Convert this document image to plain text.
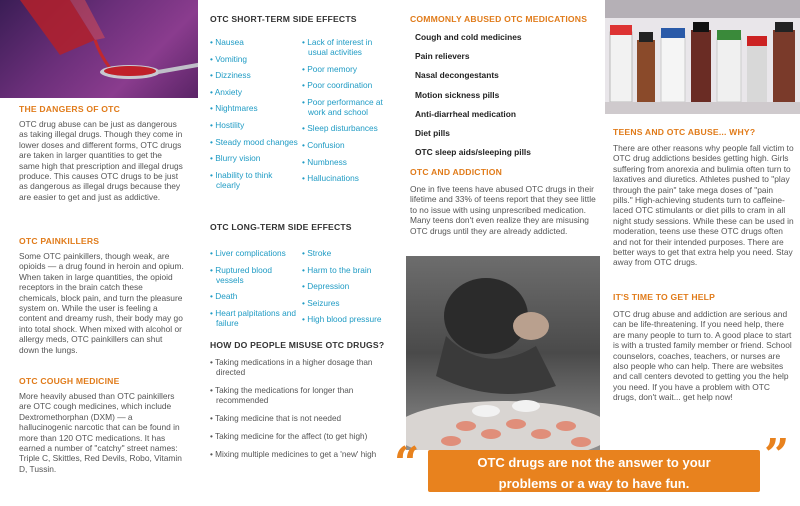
THE DANGERS OF OTC
OTC drug abuse can be just as dangerous as taking illegal drugs. Though they come in lower doses and different forms, OTC drugs are taken in larger quantities to get the same high that prescription and illegal drugs produce. This causes OTC drugs to be just as dangerous as illegal drugs because they are easier to get and just as addictive.
OTC PAINKILLERS
Some OTC painkillers, though weak, are opioids — a drug found in heroin and opium. When taken in large quantities, the opioid receptors in the brain catch these chemicals, block pain, and turn the pleasure system on. While the user is feeling a content and dreamy rush, their body may go into total shock. When mixed with alcohol or allergy meds, OTC painkillers can shut down the lungs.
OTC COUGH MEDICINE
More heavily abused than OTC painkillers are OTC cough medicines, which include Dextromethorphan (DXM) — a hallucinogenic narcotic that can be found in more than 120 OTC medications. It has earned a number of "catchy" street names: Triple C, Skittles, Red Devils, Robo, Vitamin D, Tussin.
OTC SHORT-TERM SIDE EFFECTS
• Nausea
• Vomiting
• Dizziness
• Anxiety
• Nightmares
• Hostility
• Steady mood changes
• Blurry vision
• Inability to think clearly
• Lack of interest in usual activities
• Poor memory
• Poor coordination
• Poor performance at work and school
• Sleep disturbances
• Confusion
• Numbness
• Hallucinations
OTC LONG-TERM SIDE EFFECTS
• Liver complications
• Ruptured blood vessels
• Death
• Heart palpitations and failure
• Stroke
• Harm to the brain
• Depression
• Seizures
• High blood pressure
HOW DO PEOPLE MISUSE OTC DRUGS?
• Taking medications in a higher dosage than directed
• Taking the medications for longer than recommended
• Taking medicine that is not needed
• Taking medicine for the affect (to get high)
• Mixing multiple medicines to get a 'new' high
COMMONLY ABUSED OTC MEDICATIONS
Cough and cold medicines
Pain relievers
Nasal decongestants
Motion sickness pills
Anti-diarrheal medication
Diet pills
OTC sleep aids/sleeping pills
OTC AND ADDICTION
One in five teens have abused OTC drugs in their lifetime and 33% of teens report that they see little to no issue with using unprescribed medication. Many teens don't even realize they are misusing OTC drugs until they are already addicted.
TEENS AND OTC ABUSE... WHY?
There are other reasons why people fall victim to OTC drug addictions besides getting high. Girls suffering from anorexia and bulimia often turn to laxatives and diuretics. Athletes pushed to "play through the pain" take mega doses of "pain pills." High-achieving students turn to caffeine-laced OTC stimulants or diet pills to cram in all night study sessions. While these can be used in moderation, teens use these OTC drugs often and not for their intended purposes. There are better ways to get that extra help you need. Stay away from OTC drugs.
IT'S TIME TO GET HELP
OTC drug abuse and addiction are serious and can be life-threatening. If you need help, there are many people to turn to. A good place to start is with a trusted family member or friend. School counselors, coaches, teachers, or nurses are also people who can help. There are websites and call centers devoted to getting you the help you need. If you have a problem with OTC drugs, don't wait... get help now!
“	OTC drugs are not the answer to your
problems or a way to have fun.
”
